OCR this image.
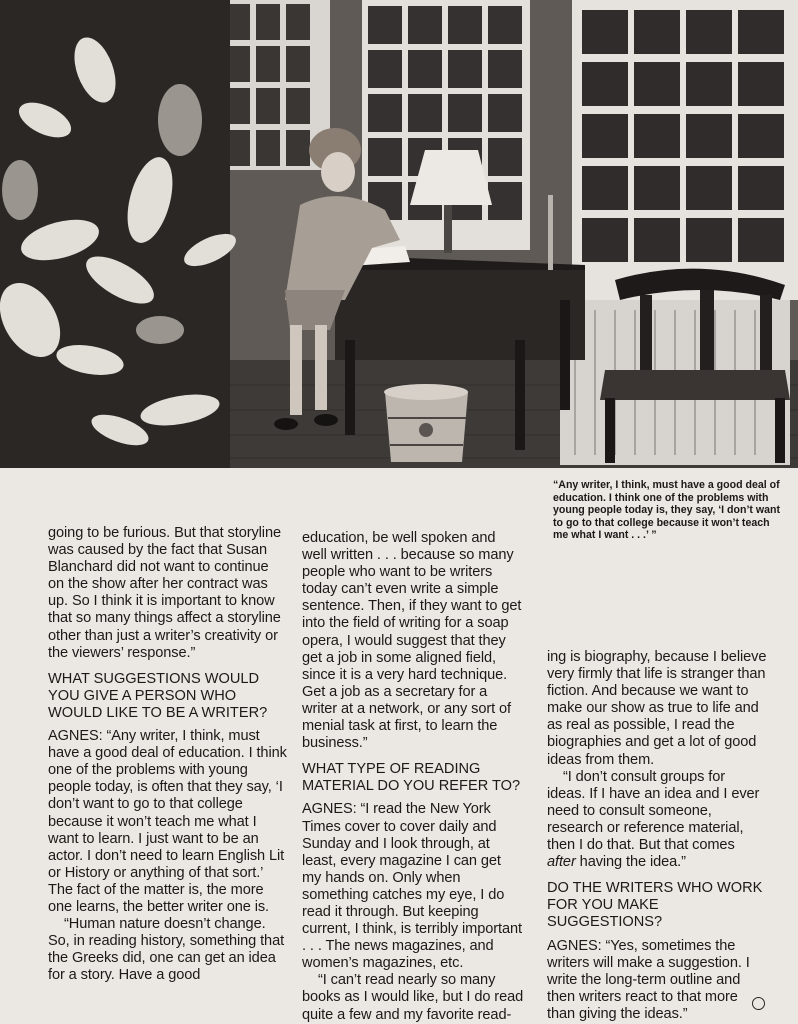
“Any writer, I think, must have a good deal of education. I think one of the problems with young people today is, they say, ‘I don’t want to go to that college because it won’t teach me what I want . . .’ ”

going to be furious. But that storyline was caused by the fact that Susan Blanchard did not want to continue on the show after her contract was up. So I think it is important to know that so many things affect a storyline other than just a writer’s creativity or the viewers’ response.”

WHAT SUGGESTIONS WOULD YOU GIVE A PERSON WHO WOULD LIKE TO BE A WRITER?

AGNES: “Any writer, I think, must have a good deal of education. I think one of the problems with young people today, is often that they say, ‘I don’t want to go to that college because it won’t teach me what I want to learn. I just want to be an actor. I don’t need to learn English Lit or History or anything of that sort.’ The fact of the matter is, the more one learns, the better writer one is.

“Human nature doesn’t change. So, in reading history, something that the Greeks did, one can get an idea for a story. Have a good

education, be well spoken and well written . . . because so many people who want to be writers today can’t even write a simple sentence. Then, if they want to get into the field of writing for a soap opera, I would suggest that they get a job in some aligned field, since it is a very hard technique. Get a job as a secretary for a writer at a network, or any sort of menial task at first, to learn the business.”

WHAT TYPE OF READING MATERIAL DO YOU REFER TO?

AGNES: “I read the New York Times cover to cover daily and Sunday and I look through, at least, every magazine I can get my hands on. Only when something catches my eye, I do read it through. But keeping current, I think, is terribly important . . . The news magazines, and women’s magazines, etc.

“I can’t read nearly so many books as I would like, but I do read quite a few and my favorite read-

ing is biography, because I believe very firmly that life is stranger than fiction. And because we want to make our show as true to life and as real as possible, I read the biographies and get a lot of good ideas from them.

“I don’t consult groups for ideas. If I have an idea and I ever need to consult someone, research or reference material, then I do that. But that comes after having the idea.”

DO THE WRITERS WHO WORK FOR YOU MAKE SUGGESTIONS?

AGNES: “Yes, sometimes the writers will make a suggestion. I write the long-term outline and then writers react to that more than giving the ideas.”
